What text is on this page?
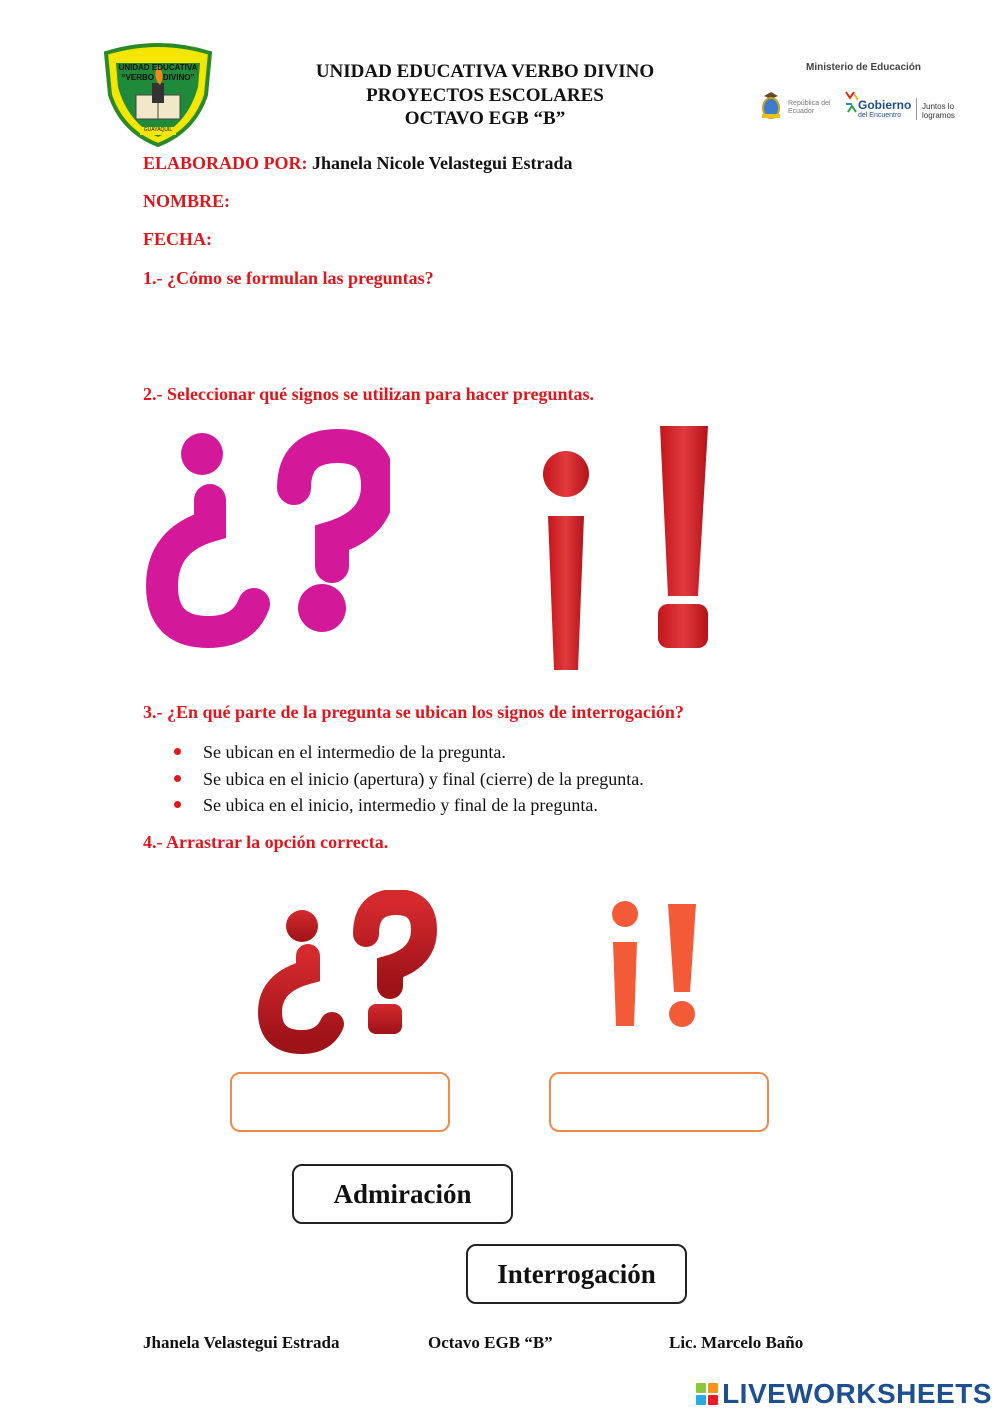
UNIDAD EDUCATIVA
“VERBO    DIVINO”
GUAYAQUIL
UNIDAD EDUCATIVA VERBO DIVINO
PROYECTOS ESCOLARES
OCTAVO EGB “B”
Ministerio de Educación
República del Ecuador	Gobierno
del Encuentro
Juntos lo logramos
ELABORADO POR: Jhanela Nicole Velastegui Estrada
NOMBRE:
FECHA:
1.- ¿Cómo se formulan las preguntas?
2.- Seleccionar qué signos se utilizan para hacer preguntas.
3.- ¿En qué parte de la pregunta se ubican los signos de interrogación?
Se ubican en el intermedio de la pregunta.
Se ubica en el inicio (apertura) y final (cierre) de la pregunta.
Se ubica en el inicio, intermedio y final de la pregunta.
4.- Arrastrar la opción correcta.
Admiración
Interrogación
Jhanela Velastegui Estrada	Octavo EGB “B”	Lic. Marcelo Baño
LIVEWORKSHEETS
